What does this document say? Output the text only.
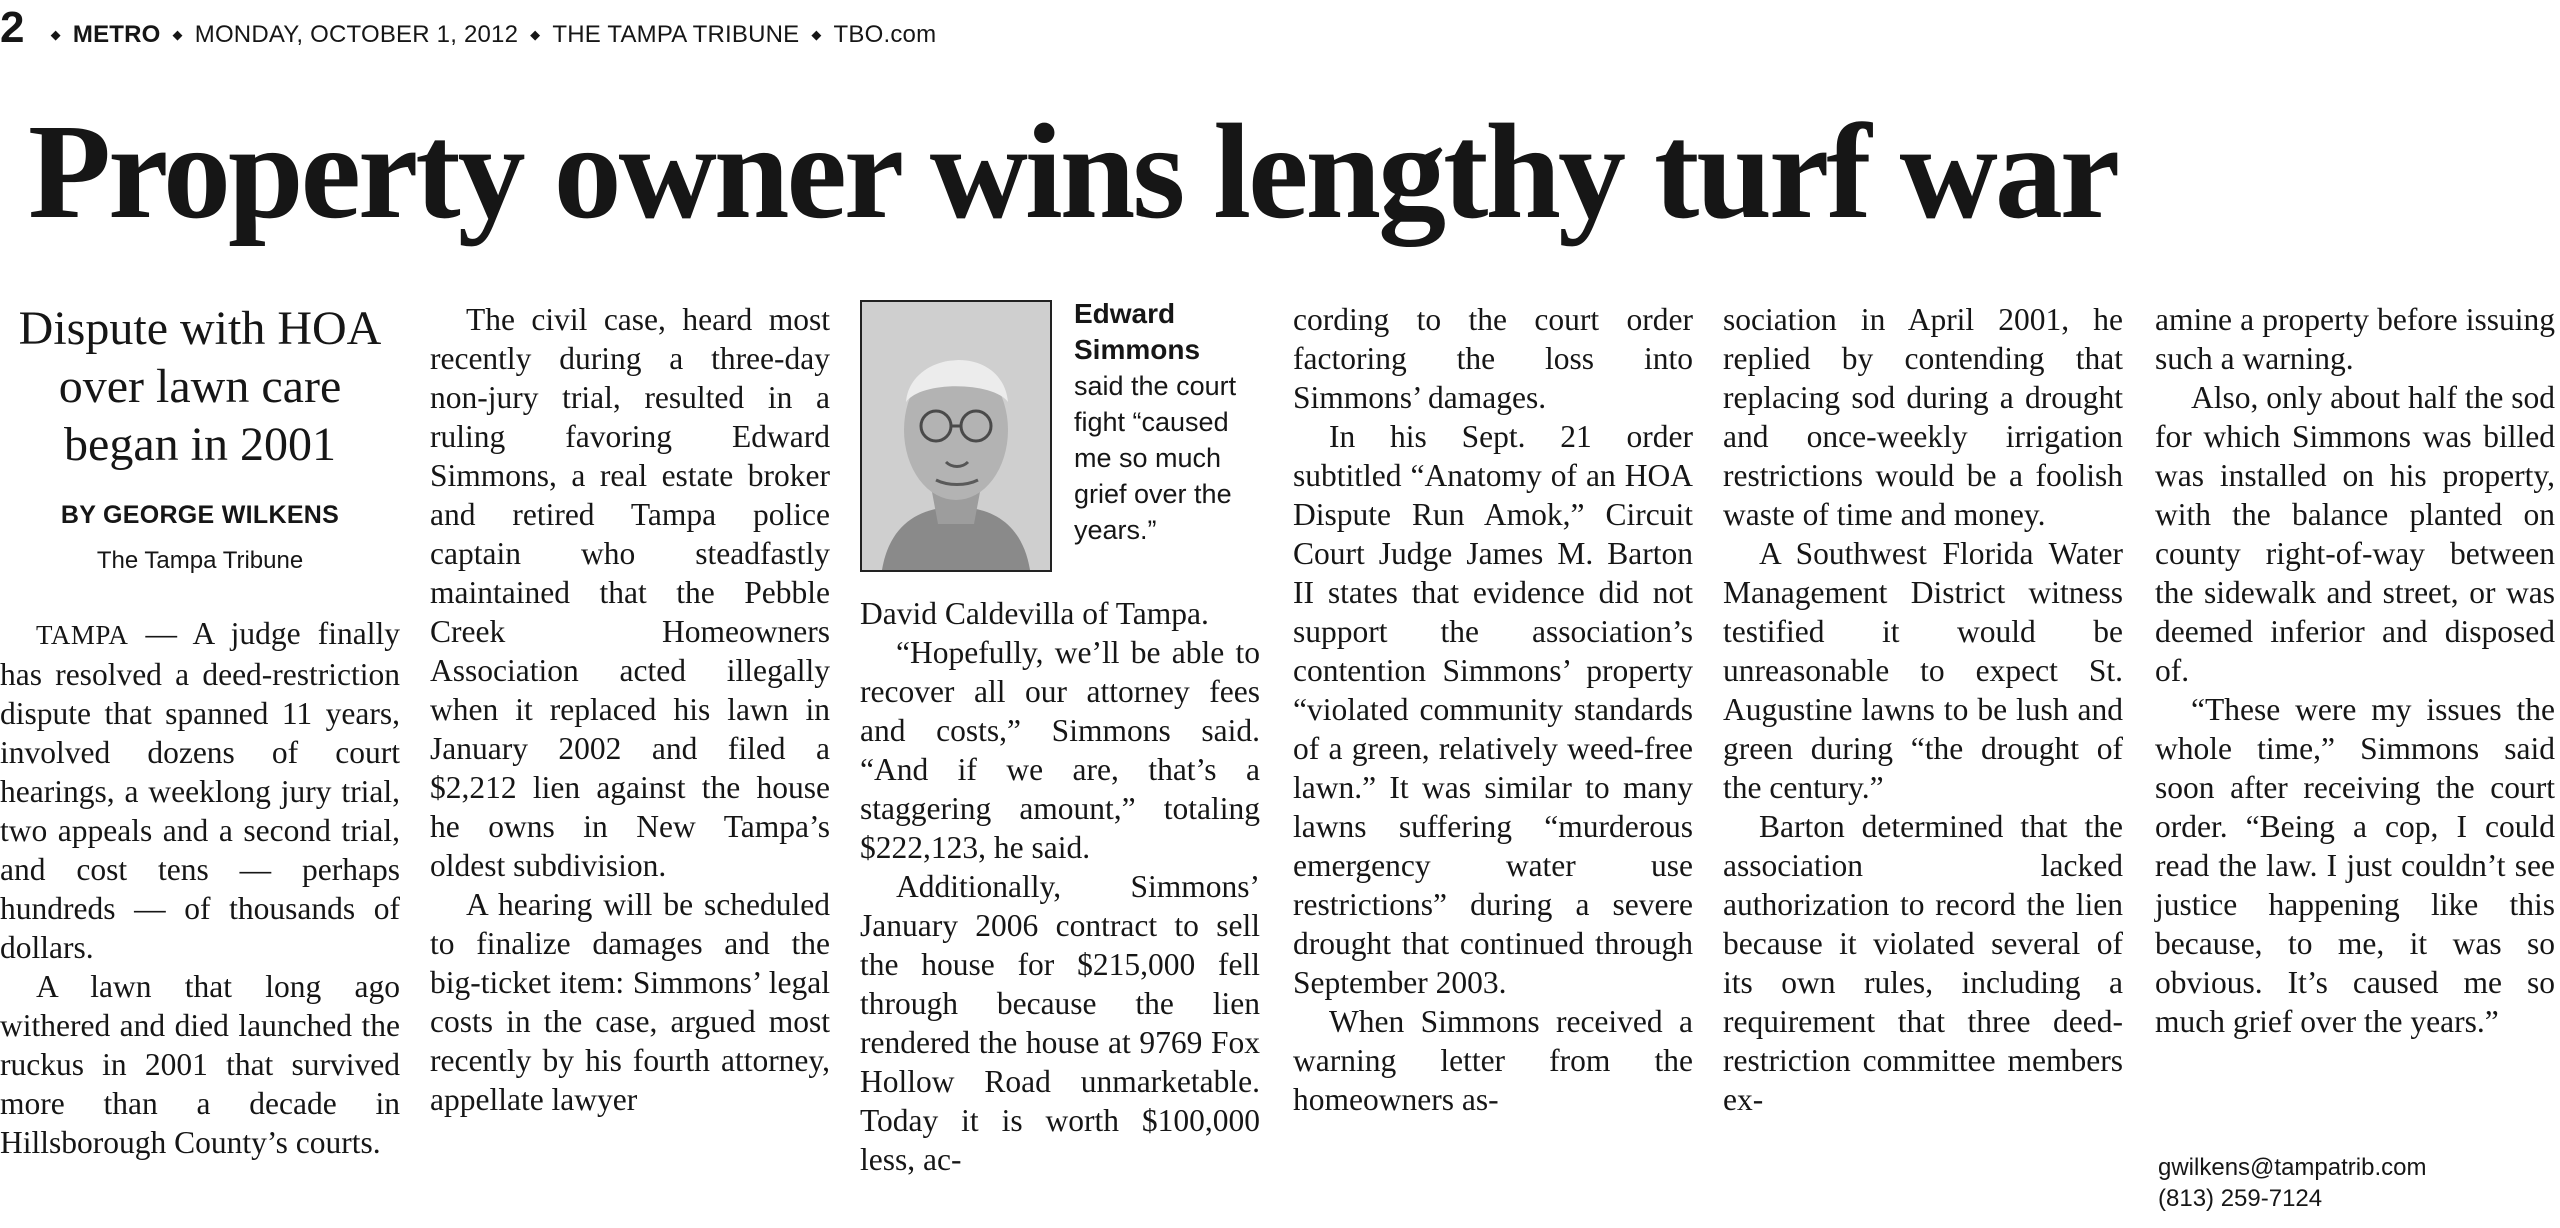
2 ◆ METRO ◆ MONDAY, OCTOBER 1, 2012 ◆ THE TAMPA TRIBUNE ◆ TBO.com
Property owner wins lengthy turf war
Dispute with HOA
over lawn care
began in 2001
BY GEORGE WILKENS
The Tampa Tribune

TAMPA — A judge finally has resolved a deed-restriction dispute that spanned 11 years, involved dozens of court hearings, a weeklong jury trial, two appeals and a second trial, and cost tens — perhaps hundreds — of thousands of dollars.

A lawn that long ago withered and died launched the ruckus in 2001 that survived more than a decade in Hillsborough County’s courts.

The civil case, heard most recently during a three-day non-jury trial, resulted in a ruling favoring Edward Simmons, a real estate broker and retired Tampa police captain who steadfastly maintained that the Pebble Creek Homeowners Association acted illegally when it replaced his lawn in January 2002 and filed a $2,212 lien against the house he owns in New Tampa’s oldest subdivision.

A hearing will be scheduled to finalize damages and the big-ticket item: Simmons’ legal costs in the case, argued most recently by his fourth attorney, appellate lawyer

Edward Simmons
said the court fight “caused me so much grief over the years.”

David Caldevilla of Tampa.

“Hopefully, we’ll be able to recover all our attorney fees and costs,” Simmons said. “And if we are, that’s a staggering amount,” totaling $222,123, he said.

Additionally, Simmons’ January 2006 contract to sell the house for $215,000 fell through because the lien rendered the house at 9769 Fox Hollow Road unmarketable. Today it is worth $100,000 less, ac-

cording to the court order factoring the loss into Simmons’ damages.

In his Sept. 21 order subtitled “Anatomy of an HOA Dispute Run Amok,” Circuit Court Judge James M. Barton II states that evidence did not support the association’s contention Simmons’ property “violated community standards of a green, relatively weed-free lawn.” It was similar to many lawns suffering “murderous emergency water use restrictions” during a severe drought that continued through September 2003.

When Simmons received a warning letter from the homeowners as-

sociation in April 2001, he replied by contending that replacing sod during a drought and once-weekly irrigation restrictions would be a foolish waste of time and money.

A Southwest Florida Water Management District witness testified it would be unreasonable to expect St. Augustine lawns to be lush and green during “the drought of the century.”

Barton determined that the association lacked authorization to record the lien because it violated several of its own rules, including a requirement that three deed-restriction committee members ex-

amine a property before issuing such a warning.

Also, only about half the sod for which Simmons was billed was installed on his property, with the balance planted on county right-of-way between the sidewalk and street, or was deemed inferior and disposed of.

“These were my issues the whole time,” Simmons said soon after receiving the court order. “Being a cop, I could read the law. I just couldn’t see justice happening like this because, to me, it was so obvious. It’s caused me so much grief over the years.”

gwilkens@tampatrib.com
(813) 259-7124
